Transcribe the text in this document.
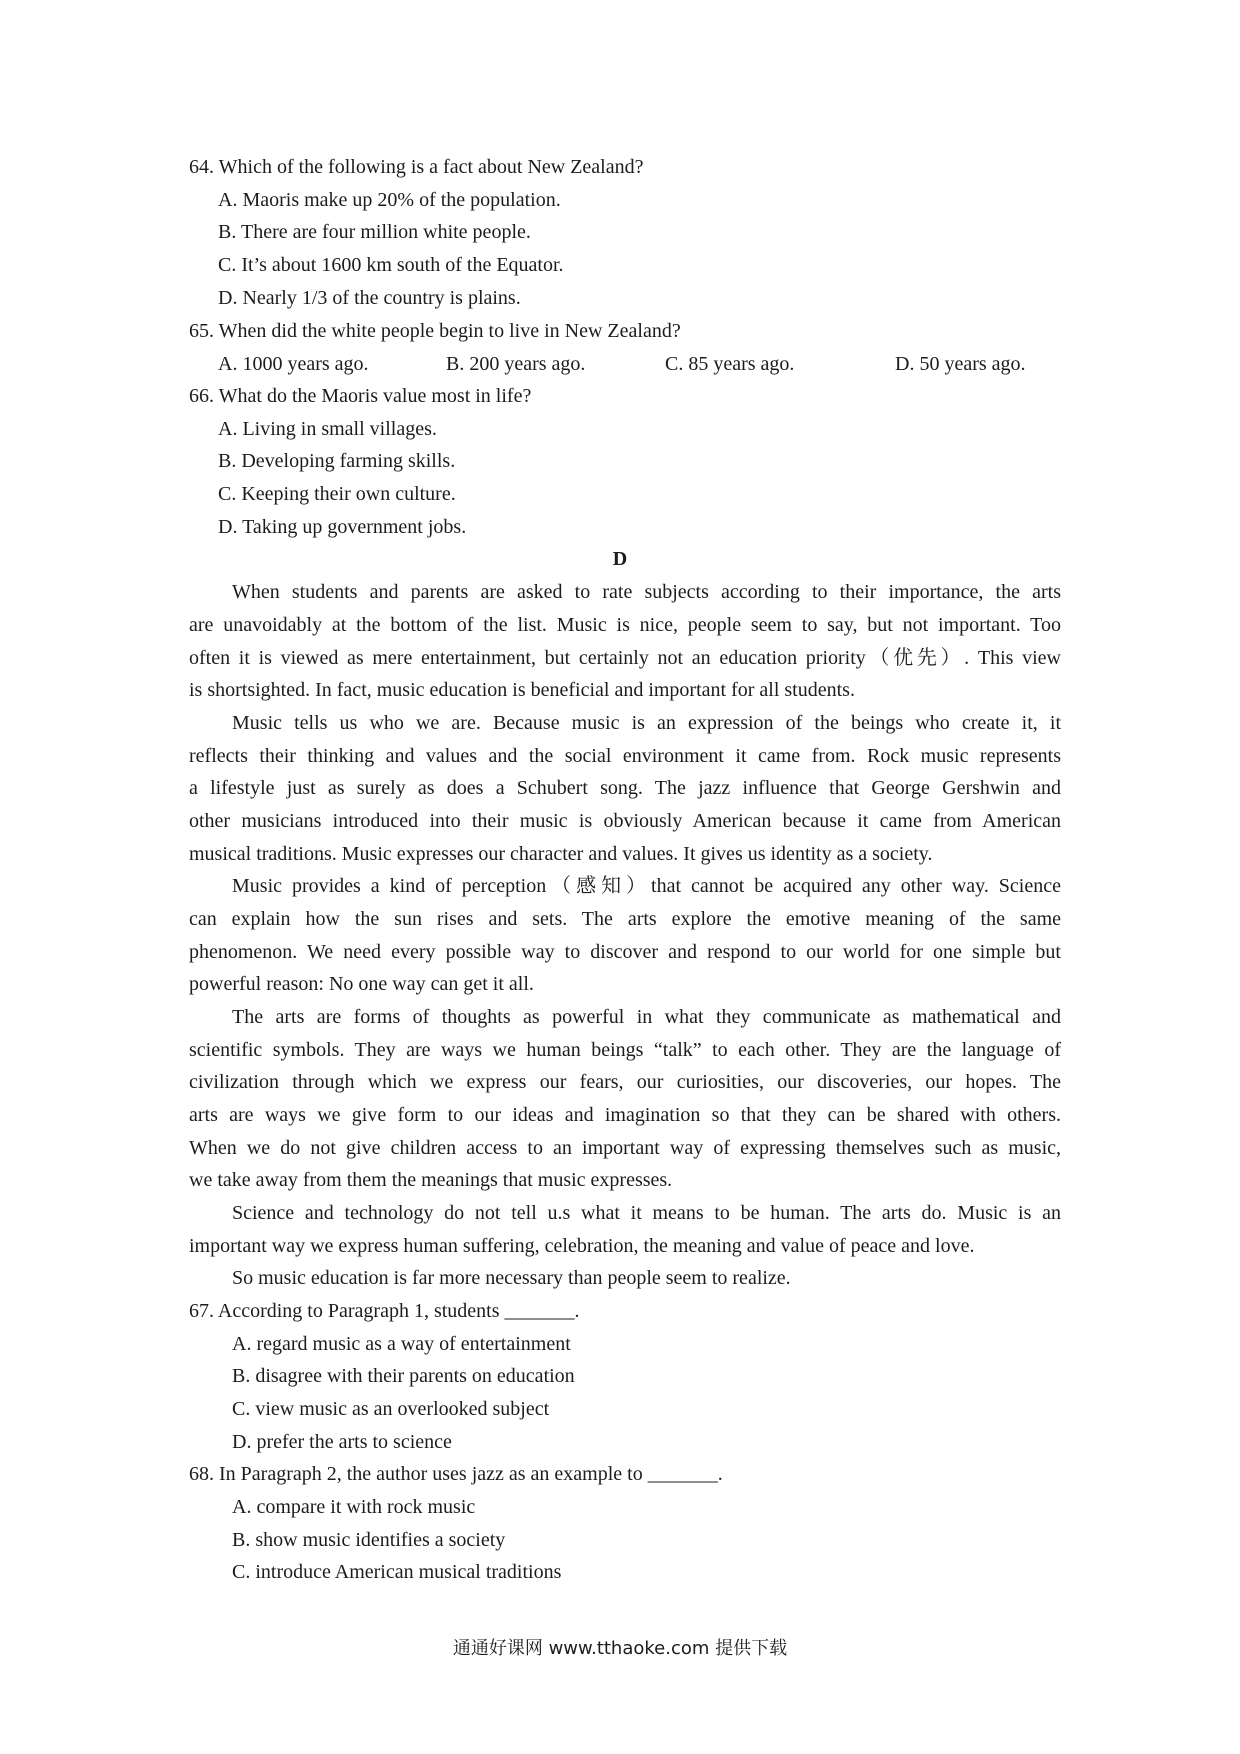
64. Which of the following is a fact about New Zealand?

A. Maoris make up 20% of the population.

B. There are four million white people.

C. It’s about 1600 km south of the Equator.

D. Nearly 1/3 of the country is plains.

65. When did the white people begin to live in New Zealand?

A. 1000 years ago.	B. 200 years ago.	C. 85 years ago.	D. 50 years ago.

66. What do the Maoris value most in life?

A. Living in small villages.

B. Developing farming skills.

C. Keeping their own culture.

D. Taking up government jobs.

D

When students and parents are asked to rate subjects according to their importance, the arts

are unavoidably at the bottom of the list. Music is nice, people seem to say, but not important. Too

often it is viewed as mere entertainment, but certainly not an education priority（优先）. This view

is shortsighted. In fact, music education is beneficial and important for all students.

Music tells us who we are. Because music is an expression of the beings who create it, it

reflects their thinking and values and the social environment it came from. Rock music represents

a lifestyle just as surely as does a Schubert song. The jazz influence that George Gershwin and

other musicians introduced into their music is obviously American because it came from American

musical traditions. Music expresses our character and values. It gives us identity as a society.

Music provides a kind of perception（感知）that cannot be acquired any other way. Science

can explain how the sun rises and sets. The arts explore the emotive meaning of the same

phenomenon. We need every possible way to discover and respond to our world for one simple but

powerful reason: No one way can get it all.

The arts are forms of thoughts as powerful in what they communicate as mathematical and

scientific symbols. They are ways we human beings “talk” to each other. They are the language of

civilization through which we express our fears, our curiosities, our discoveries, our hopes. The

arts are ways we give form to our ideas and imagination so that they can be shared with others.

When we do not give children access to an important way of expressing themselves such as music,

we take away from them the meanings that music expresses.

Science and technology do not tell u.s what it means to be human. The arts do. Music is an

important way we express human suffering, celebration, the meaning and value of peace and love.

So music education is far more necessary than people seem to realize.

67. According to Paragraph 1, students _______.

A. regard music as a way of entertainment

B. disagree with their parents on education

C. view music as an overlooked subject

D. prefer the arts to science

68. In Paragraph 2, the author uses jazz as an example to _______.

A. compare it with rock music

B. show music identifies a society

C. introduce American musical traditions

通通好课网 www.tthaoke.com 提供下载
